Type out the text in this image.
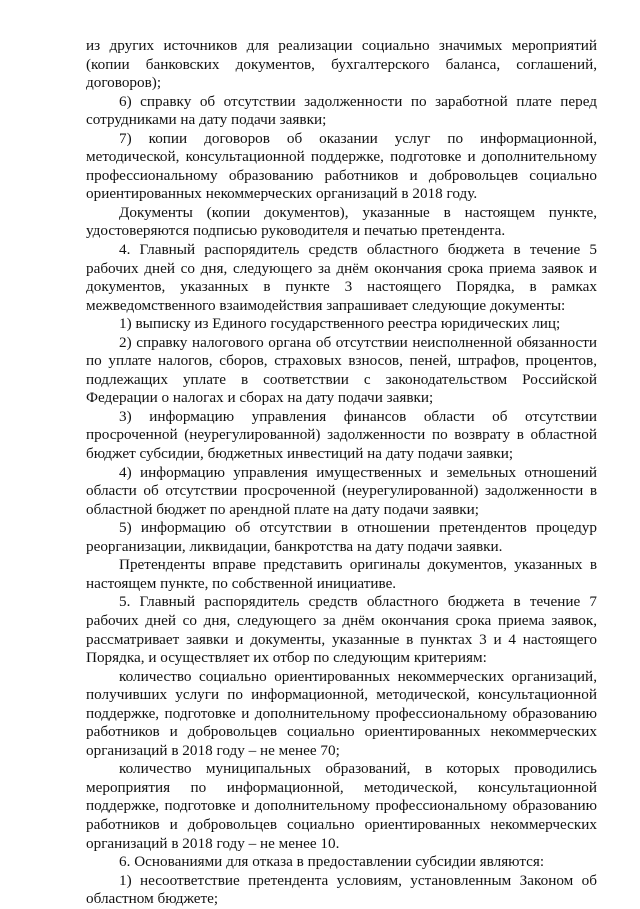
из других источников для реализации социально значимых мероприятий (копии банковских документов, бухгалтерского баланса, соглашений, договоров);

6) справку об отсутствии задолженности по заработной плате перед сотрудниками на дату подачи заявки;

7) копии договоров об оказании услуг по информационной, методической, консультационной поддержке, подготовке и дополнительному профессиональному образованию работников и добровольцев социально ориентированных некоммерческих организаций в 2018 году.

Документы (копии документов), указанные в настоящем пункте, удостоверяются подписью руководителя и печатью претендента.

4. Главный распорядитель средств областного бюджета в течение 5 рабочих дней со дня, следующего за днём окончания срока приема заявок и документов, указанных в пункте 3 настоящего Порядка, в рамках межведомственного взаимодействия запрашивает следующие документы:

1) выписку из Единого государственного реестра юридических лиц;

2) справку налогового органа об отсутствии неисполненной обязанности по уплате налогов, сборов, страховых взносов, пеней, штрафов, процентов, подлежащих уплате в соответствии с законодательством Российской Федерации о налогах и сборах на дату подачи заявки;

3) информацию управления финансов области об отсутствии просроченной (неурегулированной) задолженности по возврату в областной бюджет субсидии, бюджетных инвестиций на дату подачи заявки;

4) информацию управления имущественных и земельных отношений области об отсутствии просроченной (неурегулированной) задолженности в областной бюджет по арендной плате на дату подачи заявки;

5) информацию об отсутствии в отношении претендентов процедур реорганизации, ликвидации, банкротства на дату подачи заявки.

Претенденты вправе представить оригиналы документов, указанных в настоящем пункте, по собственной инициативе.

5. Главный распорядитель средств областного бюджета в течение 7 рабочих дней со дня, следующего за днём окончания срока приема заявок, рассматривает заявки и документы, указанные в пунктах 3 и 4 настоящего Порядка, и осуществляет их отбор по следующим критериям:

количество социально ориентированных некоммерческих организаций, получивших услуги по информационной, методической, консультационной поддержке, подготовке и дополнительному профессиональному образованию работников и добровольцев социально ориентированных некоммерческих организаций в 2018 году – не менее 70;

количество муниципальных образований, в которых проводились мероприятия по информационной, методической, консультационной поддержке, подготовке и дополнительному профессиональному образованию работников и добровольцев социально ориентированных некоммерческих организаций в 2018 году – не менее 10.

6. Основаниями для отказа в предоставлении субсидии являются:

1) несоответствие претендента условиям, установленным Законом об областном бюджете;
